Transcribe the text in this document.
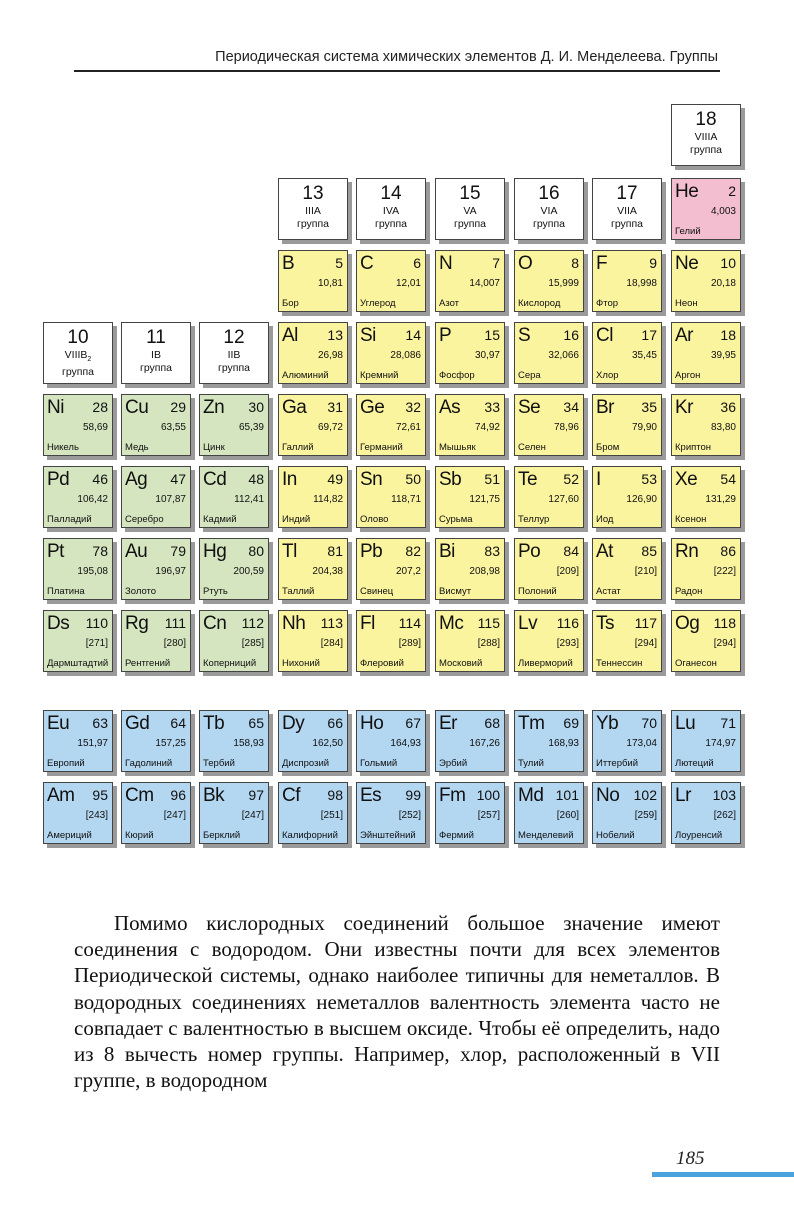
Периодическая система химических элементов Д. И. Менделеева. Группы
10
$VIIIB_2$
группа
11
IB
группа
12
IIB
группа
13
IIIA
группа
14
IVA
группа
15
VA
группа
16
VIA
группа
17
VIIA
группа
18
VIIIA
группа
He 2
4,003
Гелий
B	5
10,81
Бор
C	6
12,01
Углерод
N	7
14,007
Азот
O	8
15,999
Кислород
F	9
18,998
Фтор
Ne 10
20,18
Неон
Al 13
26,98
Алюминий
Si 14
28,086
Кремний
P 15
30,97
Фосфор
S 16
32,066
Сера
Cl 17
35,45
Хлор
Ar 18
39,95
Аргон
Ni 28
58,69
Никель
Cu 29
63,55
Медь
Zn 30
65,39
Цинк
Ga 31
69,72
Галлий
Ge 32
72,61
Германий
As 33
74,92
Мышьяк
Se 34
78,96
Селен
Br 35
79,90
Бром
Kr 36
83,80
Криптон
Pd 46
106,42
Палладий
Ag 47
107,87
Серебро
Cd 48
112,41
Кадмий
In 49
114,82
Индий
Sn 50
118,71
Олово
Sb 51
121,75
Сурьма
Te 52
127,60
Теллур
I	53
126,90
Иод
Xe 54
131,29
Ксенон
Pt 78
195,08
Платина
Au 79
196,97
Золото
Hg 80
200,59
Ртуть
Tl 81
204,38
Таллий
Pb 82
207,2
Свинец
Bi 83
208,98
Висмут
Po 84
[209]
Полоний
At 85
[210]
Астат
Rn 86
[222]
Радон
Ds 110
[271]
Дармштадтий
Rg 111
[280]
Рентгений
Cn 112
[285]
Коперниций
Nh 113
[284]
Нихоний
Fl 114
[289]
Флеровий
Mc 115
[288]
Московий
Lv 116
[293]
Ливерморий
Ts 117
[294]
Теннессин
Og 118
[294]
Оганесон
Eu 63
151,97
Европий
Gd 64
157,25
Гадолиний
Tb 65
158,93
Тербий
Dy 66
162,50
Диспрозий
Ho 67
164,93
Гольмий
Er 68
167,26
Эрбий
Tm 69
168,93
Тулий
Yb 70
173,04
Иттербий
Lu 71
174,97
Лютеций
Am 95
[243]
Америций
Cm 96
[247]
Кюрий
Bk 97
[247]
Берклий
Cf 98
[251]
Калифорний
Es 99
[252]
Эйнштейний
Fm 100
[257]
Фермий
Md 101
[260]
Менделевий
No 102
[259]
Нобелий
Lr 103
[262]
Лоуренсий
Помимо кислородных соединений большое значение имеют соединения с водородом. Они известны почти для всех элементов Периодической системы, однако наиболее типичны для неметаллов. В водородных соединениях неметаллов валентность элемента часто не совпадает с валентностью в высшем оксиде. Чтобы её определить, надо из 8 вычесть номер группы. Например, хлор, расположенный в VII группе, в водородном
185
